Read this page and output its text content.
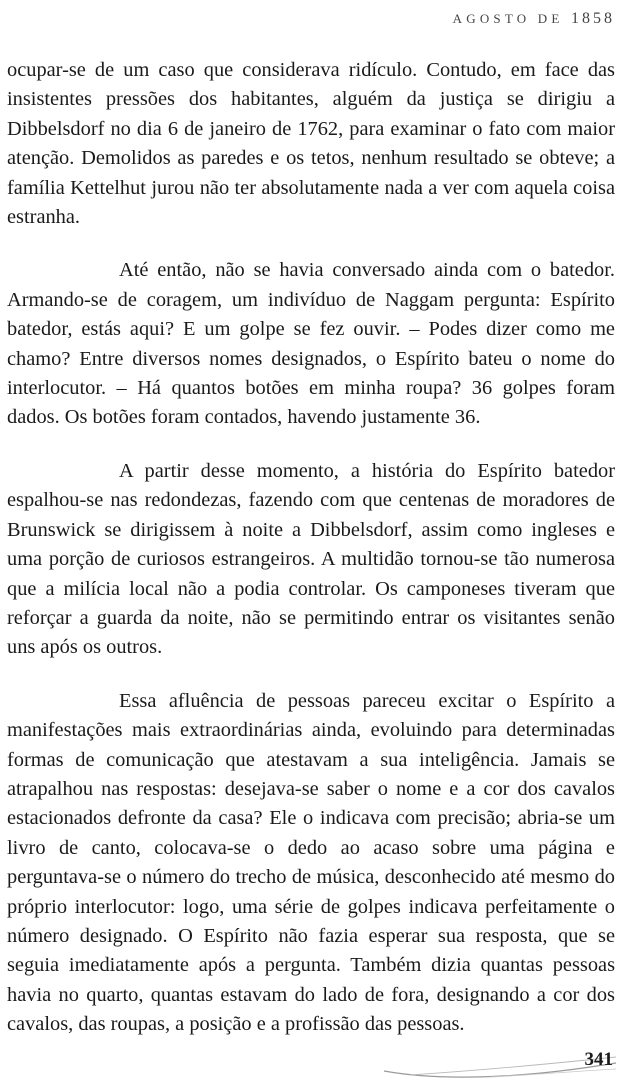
AGOSTO DE 1858

ocupar-se de um caso que considerava ridículo. Contudo, em face das insistentes pressões dos habitantes, alguém da justiça se dirigiu a Dibbelsdorf no dia 6 de janeiro de 1762, para examinar o fato com maior atenção. Demolidos as paredes e os tetos, nenhum resultado se obteve; a família Kettelhut jurou não ter absolutamente nada a ver com aquela coisa estranha.

Até então, não se havia conversado ainda com o batedor. Armando-se de coragem, um indivíduo de Naggam pergunta: Espírito batedor, estás aqui? E um golpe se fez ouvir. – Podes dizer como me chamo? Entre diversos nomes designados, o Espírito bateu o nome do interlocutor. – Há quantos botões em minha roupa? 36 golpes foram dados. Os botões foram contados, havendo justamente 36.

A partir desse momento, a história do Espírito batedor espalhou-se nas redondezas, fazendo com que centenas de moradores de Brunswick se dirigissem à noite a Dibbelsdorf, assim como ingleses e uma porção de curiosos estrangeiros. A multidão tornou-se tão numerosa que a milícia local não a podia controlar. Os camponeses tiveram que reforçar a guarda da noite, não se permitindo entrar os visitantes senão uns após os outros.

Essa afluência de pessoas pareceu excitar o Espírito a manifestações mais extraordinárias ainda, evoluindo para determinadas formas de comunicação que atestavam a sua inteligência. Jamais se atrapalhou nas respostas: desejava-se saber o nome e a cor dos cavalos estacionados defronte da casa? Ele o indicava com precisão; abria-se um livro de canto, colocava-se o dedo ao acaso sobre uma página e perguntava-se o número do trecho de música, desconhecido até mesmo do próprio interlocutor: logo, uma série de golpes indicava perfeitamente o número designado. O Espírito não fazia esperar sua resposta, que se seguia imediatamente após a pergunta. Também dizia quantas pessoas havia no quarto, quantas estavam do lado de fora, designando a cor dos cavalos, das roupas, a posição e a profissão das pessoas.

341
